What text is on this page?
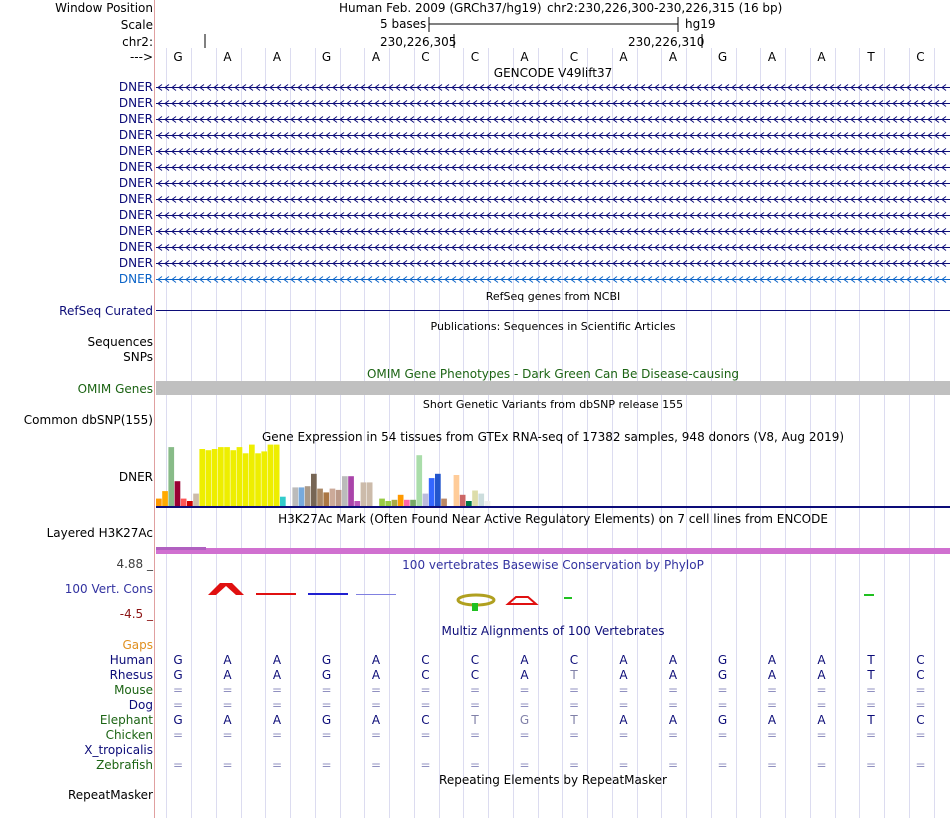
Window Position	Human Feb. 2009 (GRCh37/hg19) chr2:230,226,300-230,226,315 (16 bp)
Scale	5 bases	hg19
chr2:	230,226,305	230,226,310
--->	G	A	A	G	A	C	C	A	C	A	A	G	A	A	T	C
GENCODE V49lift37
DNER
DNER
DNER
DNER
DNER
DNER
DNER
DNER
DNER
DNER
DNER
DNER
DNER
RefSeq genes from NCBI
RefSeq Curated
Publications: Sequences in Scientific Articles
Sequences
SNPs
OMIM Gene Phenotypes - Dark Green Can Be Disease-causing
OMIM Genes
Short Genetic Variants from dbSNP release 155
Common dbSNP(155)
Gene Expression in 54 tissues from GTEx RNA-seq of 17382 samples, 948 donors (V8, Aug 2019)
DNER
H3K27Ac Mark (Often Found Near Active Regulatory Elements) on 7 cell lines from ENCODE
Layered H3K27Ac
100 vertebrates Basewise Conservation by PhyloP
4.88 _
100 Vert. Cons
-4.5 _
Multiz Alignments of 100 Vertebrates
Gaps
Human	G	A	A	G	A	C	C	A	C	A	A	G	A	A	T	C
Rhesus	G	A	A	G	A	C	C	A	T	A	A	G	A	A	T	C
Mouse	=	=	=	=	=	=	=	=	=	=	=	=	=	=	=	=
Dog	=	=	=	=	=	=	=	=	=	=	=	=	=	=	=	=
Elephant	G	A	A	G	A	C	T	G	T	A	A	G	A	A	T	C
Chicken	=	=	=	=	=	=	=	=	=	=	=	=	=	=	=	=
X_tropicalis
Zebrafish	=	=	=	=	=	=	=	=	=	=	=	=	=	=	=	=
Repeating Elements by RepeatMasker
RepeatMasker
